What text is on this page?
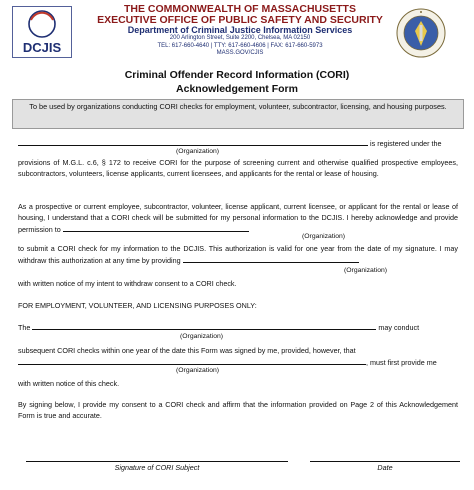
DCJIS
THE COMMONWEALTH OF MASSACHUSETTS
EXECUTIVE OFFICE OF PUBLIC SAFETY AND SECURITY
Department of Criminal Justice Information Services
200 Arlington Street, Suite 2200, Chelsea, MA 02150
TEL: 617-660-4640 | TTY: 617-660-4606 | FAX: 617-660-5973
MASS.GOV/CJIS
Criminal Offender Record Information (CORI)
Acknowledgement Form
To be used by organizations conducting CORI checks for employment, volunteer, subcontractor, licensing, and housing purposes.
is registered under the
(Organization)
provisions of M.G.L. c.6, § 172 to receive CORI for the purpose of screening current and otherwise qualified prospective employees, subcontractors, volunteers, license applicants, current licensees, and applicants for the rental or lease of housing.
As a prospective or current employee, subcontractor, volunteer, license applicant, current licensee, or applicant for the rental or lease of housing, I understand that a CORI check will be submitted for my personal information to the DCJIS. I hereby acknowledge and provide permission to
(Organization)
to submit a CORI check for my information to the DCJIS. This authorization is valid for one year from the date of my signature. I may withdraw this authorization at any time by providing
(Organization)
with written notice of my intent to withdraw consent to a CORI check.
FOR EMPLOYMENT, VOLUNTEER, AND LICENSING PURPOSES ONLY:
The	may conduct
(Organization)
subsequent CORI checks within one year of the date this Form was signed by me, provided, however, that
, must first provide me
(Organization)
with written notice of this check.
By signing below, I provide my consent to a CORI check and affirm that the information provided on Page 2 of this Acknowledgement Form is true and accurate.
Signature of CORI Subject	Date
